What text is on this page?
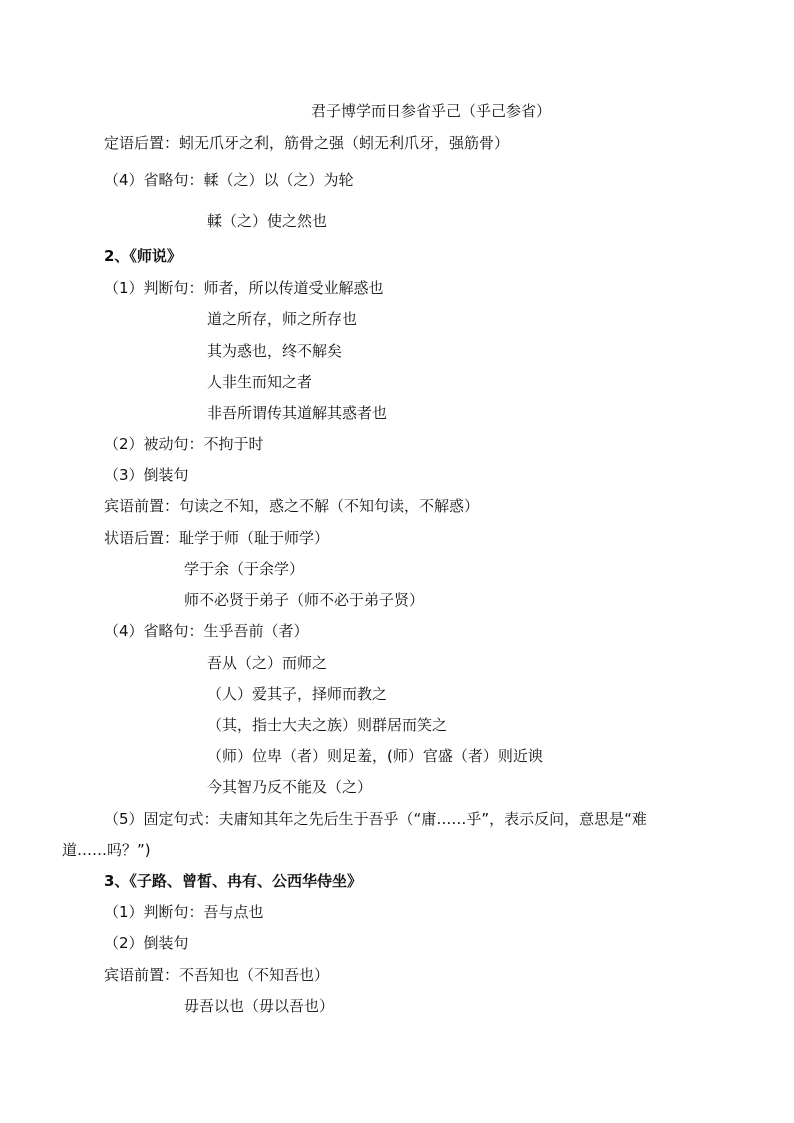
君子博学而日参省乎己（乎己参省）
定语后置：蚓无爪牙之利，筋骨之强（蚓无利爪牙，强筋骨）
（4）省略句：輮（之）以（之）为轮
輮（之）使之然也
2、《师说》
（1）判断句：师者，所以传道受业解惑也
道之所存，师之所存也
其为惑也，终不解矣
人非生而知之者
非吾所谓传其道解其惑者也
（2）被动句：不拘于时
（3）倒装句
宾语前置：句读之不知，惑之不解（不知句读，不解惑）
状语后置：耻学于师（耻于师学）
学于余（于余学）
师不必贤于弟子（师不必于弟子贤）
（4）省略句：生乎吾前（者）
吾从（之）而师之
（人）爱其子，择师而教之
（其，指士大夫之族）则群居而笑之
（师）位卑（者）则足羞，(师）官盛（者）则近谀
今其智乃反不能及（之）
（5）固定句式：夫庸知其年之先后生于吾乎（“庸……乎”，表示反问，意思是“难
道……吗？”)
3、《子路、曾皙、冉有、公西华侍坐》
（1）判断句：吾与点也
（2）倒装句
宾语前置：不吾知也（不知吾也）
毋吾以也（毋以吾也）
